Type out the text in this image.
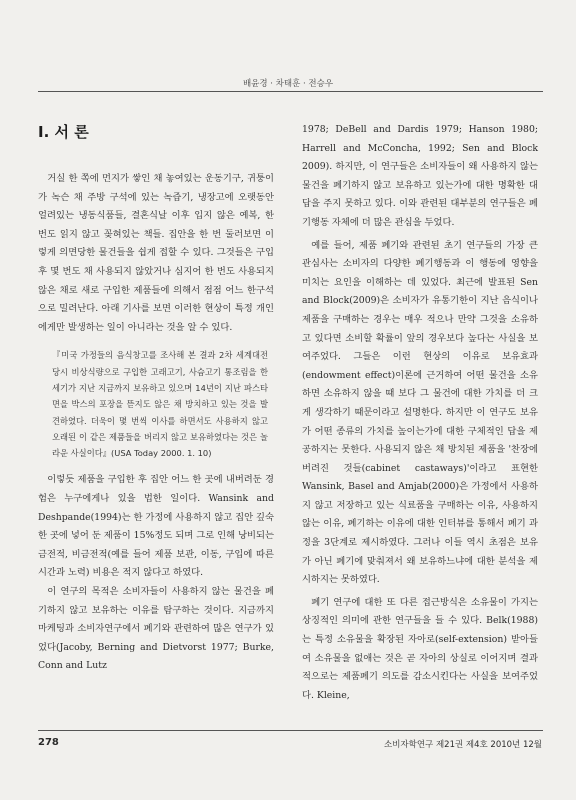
배윤경 · 차태훈 · 전승우
Ⅰ. 서 론

거실 한 쪽에 먼지가 쌓인 채 놓여있는 운동기구, 귀퉁이가 녹슨 채 주방 구석에 있는 녹즙기, 냉장고에 오랫동안 얼려있는 냉동식품들, 결혼식날 이후 입지 않은 예복, 한 번도 읽지 않고 꽂혀있는 책들. 집안을 한 번 둘러보면 이렇게 의면당한 물건들을 쉽게 접할 수 있다. 그것들은 구입 후 몇 번도 채 사용되지 않았거나 심지어 한 번도 사용되지 않은 채로 새로 구입한 제품들에 의해서 점점 어느 한구석으로 밀려난다. 아래 기사를 보면 이러한 현상이 특정 개인에게만 발생하는 일이 아니라는 것을 알 수 있다.

『미국 가정들의 음식창고를 조사해 본 결과 2차 세계대전 당시 비상식량으로 구입한 고래고기, 사슴고기 통조림을 한 세기가 지난 지금까지 보유하고 있으며 14년이 지난 파스타 면을 박스의 포장을 뜯지도 않은 채 방치하고 있는 것을 발견하였다. 더욱이 몇 번씩 이사를 하면서도 사용하지 않고 오래된 이 같은 제품들을 버리지 않고 보유하였다는 것은 놀라운 사실이다』(USA Today 2000. 1. 10)

이렇듯 제품을 구입한 후 집안 어느 한 곳에 내버려둔 경험은 누구에게나 있을 법한 일이다. Wansink and Deshpande(1994)는 한 가정에 사용하지 않고 집안 깊숙한 곳에 넣어 둔 제품이 15%정도 되며 그로 인해 낭비되는 금전적, 비금전적(예를 들어 제품 보관, 이동, 구입에 따른 시간과 노력) 비용은 적지 않다고 하였다.

이 연구의 목적은 소비자들이 사용하지 않는 물건을 폐기하지 않고 보유하는 이유를 탐구하는 것이다. 지금까지 마케팅과 소비자연구에서 폐기와 관련하여 많은 연구가 있었다(Jacoby, Berning and Dietvorst 1977; Burke, Conn and Lutz

1978; DeBell and Dardis 1979; Hanson 1980; Harrell and McConcha, 1992; Sen and Block 2009). 하지만, 이 연구들은 소비자들이 왜 사용하지 않는 물건을 폐기하지 않고 보유하고 있는가에 대한 명확한 대답을 주지 못하고 있다. 이와 관련된 대부분의 연구들은 폐기행동 자체에 더 많은 관심을 두었다.

예를 들어, 제품 폐기와 관련된 초기 연구들의 가장 큰 관심사는 소비자의 다양한 폐기행동과 이 행동에 영향을 미치는 요인을 이해하는 데 있었다. 최근에 발표된 Sen and Block(2009)은 소비자가 유통기한이 지난 음식이나 제품을 구매하는 경우는 매우 적으나 만약 그것을 소유하고 있다면 소비할 확률이 앞의 경우보다 높다는 사실을 보여주었다. 그들은 이런 현상의 이유로 보유효과(endowment effect)이론에 근거하여 어떤 물건을 소유하면 소유하지 않을 때 보다 그 물건에 대한 가치를 더 크게 생각하기 때문이라고 설명한다. 하지만 이 연구도 보유가 어떤 종류의 가치를 높이는가에 대한 구체적인 답을 제공하지는 못한다. 사용되지 않은 채 방치된 제품을 '찬장에 버려진 것들(cabinet castaways)'이라고 표현한 Wansink, Basel and Amjab(2000)은 가정에서 사용하지 않고 저장하고 있는 식료품을 구매하는 이유, 사용하지 않는 이유, 폐기하는 이유에 대한 인터뷰를 통해서 폐기 과정을 3단계로 제시하였다. 그러나 이들 역시 초점은 보유가 아닌 폐기에 맞춰져서 왜 보유하느냐에 대한 분석을 제시하지는 못하였다.

폐기 연구에 대한 또 다른 접근방식은 소유물이 가지는 상징적인 의미에 관한 연구들을 들 수 있다. Belk(1988)는 특정 소유물을 확장된 자아로(self-extension) 받아들여 소유물을 없애는 것은 곧 자아의 상실로 이어지며 결과적으로는 제품폐기 의도를 감소시킨다는 사실을 보여주었다. Kleine,

278	소비자학연구 제21권 제4호 2010년 12월
